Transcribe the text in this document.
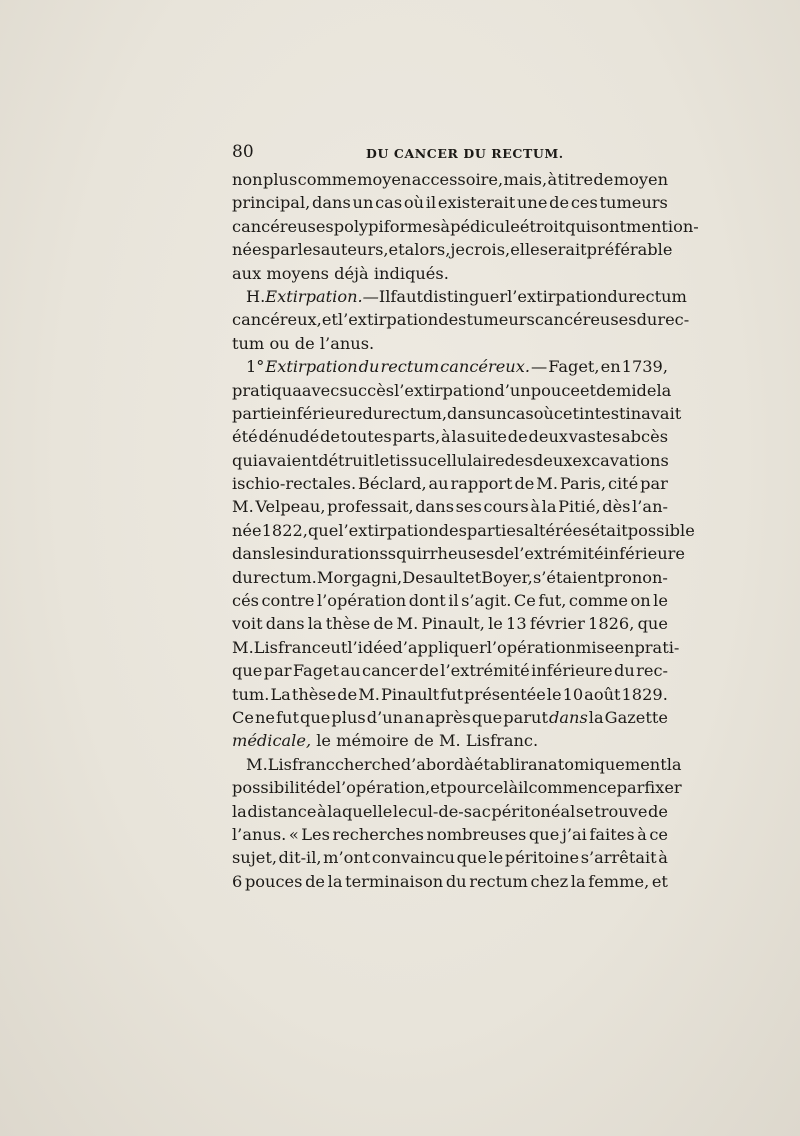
80	DU CANCER DU RECTUM.
non plus comme moyen accessoire, mais, à titre de moyen
principal, dans un cas où il existerait une de ces tumeurs
cancéreuses polypiformes à pédicule étroit qui sont mention-
nées par les auteurs, et alors, je crois, elle serait préférable
aux
moyens
déjà
indiqués.
H. Extirpation.— Il faut distinguer l’extirpation du rectum
cancéreux, et l’extirpation des tumeurs cancéreuses du rec-
tum
ou
de
l’anus.
1° Extirpation du rectum cancéreux. — Faget, en 1739,
pratiqua avec succès l’extirpation d’un pouce et demi de la
partie inférieure du rectum, dans un cas où cet intestin avait
été dénudé de toutes parts, à la suite de deux vastes abcès
qui avaient détruit le tissu cellulaire des deux excavations
ischio-rectales. Béclard, au rapport de M. Paris, cité par
M. Velpeau, professait, dans ses cours à la Pitié, dès l’an-
née 1822, que l’extirpation des parties altérées était possible
dans les indurations squirrheuses de l’extrémité inférieure
du rectum. Morgagni, Desault et Boyer, s’étaient pronon-
cés contre l’opération dont il s’agit. Ce fut, comme on le
voit dans la thèse de M. Pinault, le 13 février 1826, que
M. Lisfranc eut l’idée d’appliquer l’opération mise en prati-
que par Faget au cancer de l’extrémité inférieure du rec-
tum. La thèse de M. Pinault fut présentée le 10 août 1829.
Ce ne fut que plus d’un an après que parut dans la Gazette
médicale,
le
mémoire
de
M.
Lisfranc.
M. Lisfranc cherche d’abord à établir anatomiquement la
possibilité de l’opération, et pour celà il commence par fixer
la distance à laquelle le cul-de-sac péritonéal se trouve de
l’anus. « Les recherches nombreuses que j’ai faites à ce
sujet, dit-il, m’ont convaincu que le péritoine s’arrêtait à
6 pouces de la terminaison du rectum chez la femme, et
